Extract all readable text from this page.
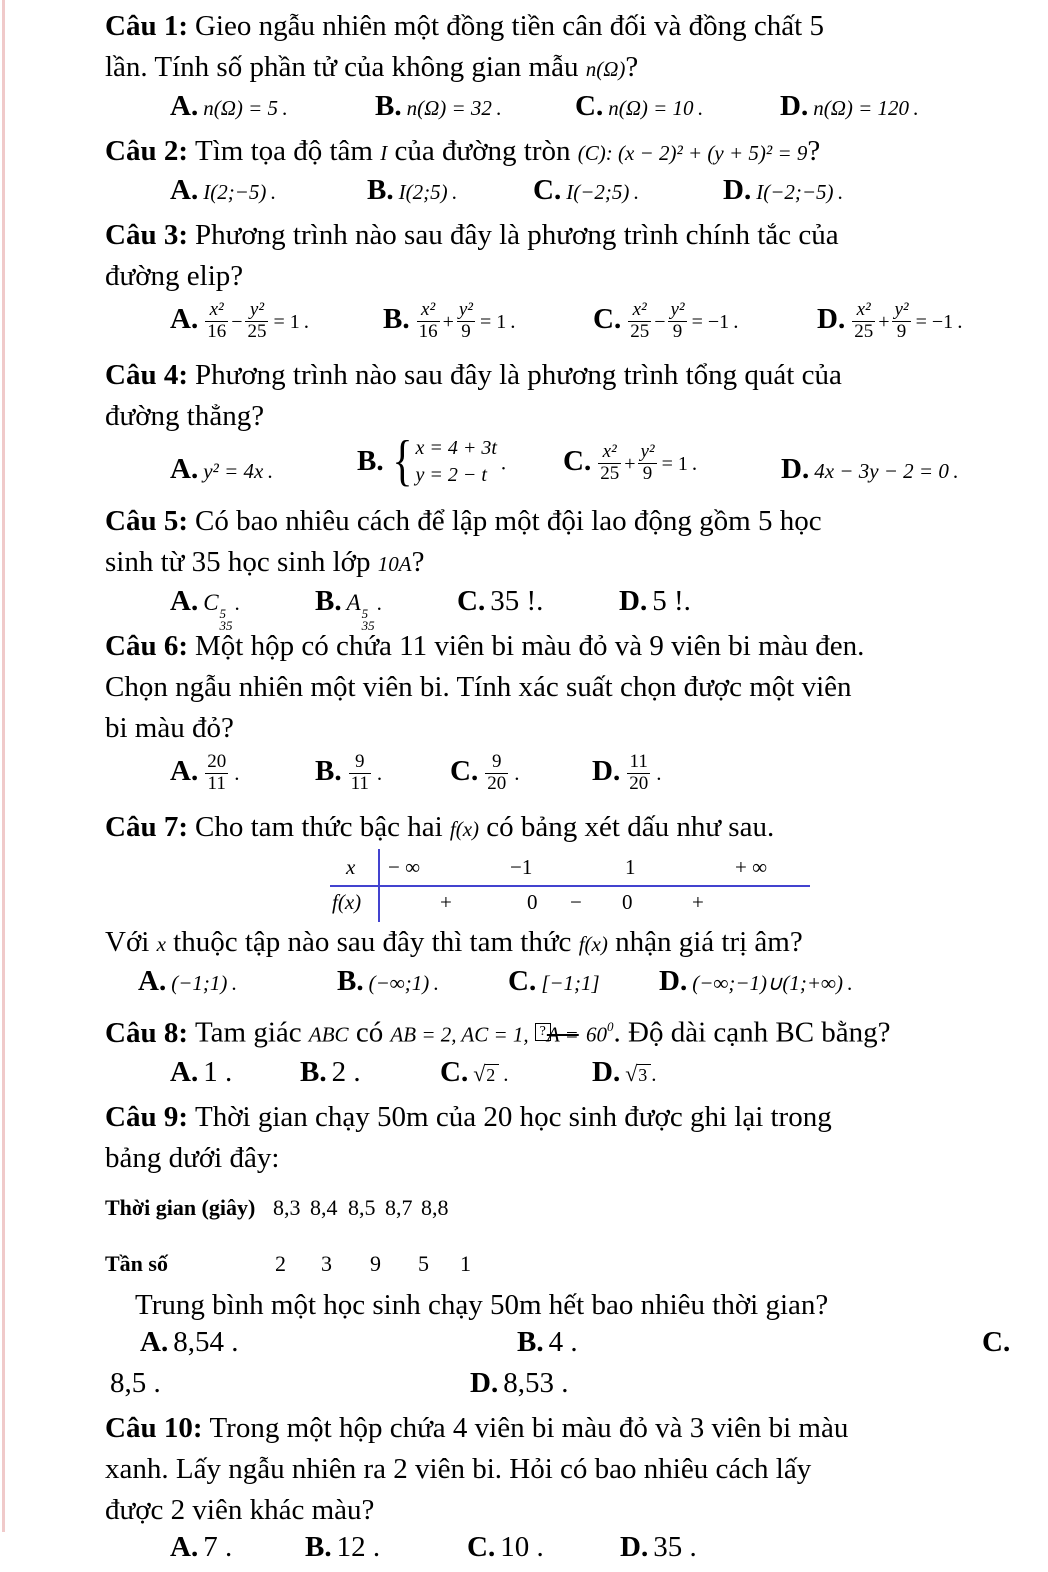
Câu 1: Gieo ngẫu nhiên một đồng tiền cân đối và đồng chất 5
lần. Tính số phần tử của không gian mẫu n(Ω)?
A. n(Ω) = 5 .	B. n(Ω) = 32 .	C. n(Ω) = 10 .	D. n(Ω) = 120 .
Câu 2: Tìm tọa độ tâm I của đường tròn (C): (x − 2)² + (y + 5)² = 9?
A. I(2;−5) .	B. I(2;5) .	C. I(−2;5) .	D. I(−2;−5) .
Câu 3: Phương trình nào sau đây là phương trình chính tắc của
đường elip?
A. $\frac{\text{x²}}{16} - \frac{\text{y²}}{25} = 1$ .	B. $\frac{\text{x²}}{16} + \frac{\text{y²}}{9} = 1$ .	C. $\frac{\text{x²}}{25} - \frac{\text{y²}}{9} = -1$ .	D. $\frac{\text{x²}}{25} + \frac{\text{y²}}{9} = -1$ .
Câu 4: Phương trình nào sau đây là phương trình tổng quát của
đường thẳng?
A. y² = 4x .	B. { x = 4 + 3t
y = 2 − t
. C. $\frac{\text{x²}}{25} + \frac{\text{y²}}{9} = 1$ .	D. 4x − 3y − 2 = 0 .
Câu 5: Có bao nhiêu cách để lập một đội lao động gồm 5 học
sinh từ 35 học sinh lớp 10A?
A. C 5
35
.	B. A 5
35
.	C. 35 !.	D. 5 !.
Câu 6: Một hộp có chứa 11 viên bi màu đỏ và 9 viên bi màu đen.
Chọn ngẫu nhiên một viên bi. Tính xác suất chọn được một viên
bi màu đỏ?
A. $\frac{20}{11}$ .	B. $\frac{9}{11}$ . C. $\frac{9}{20}$ .	D. $\frac{11}{20}$ .
Câu 7: Cho tam thức bậc hai f(x) có bảng xét dấu như sau.
x − ∞	−1	1	+ ∞
f(x)	+	0 − 0	+
Với x thuộc tập nào sau đây thì tam thức f(x) nhận giá trị âm?
A. (−1;1) .	B. (−∞;1) . C. [−1;1] D. (−∞;−1)∪(1;+∞) .
Câu 8: Tam giác ABC có AB = 2, AC = 1, ?A = $60^0$. Độ dài cạnh BC bằng?
A. 1 . B. 2 .	C. √2 .	D. √3 .
Câu 9: Thời gian chạy 50m của 20 học sinh được ghi lại trong
bảng dưới đây:
Thời gian (giây) 8,3 8,4 8,5 8,7 8,8
Tần số	2 3 9 5 1
Trung bình một học sinh chạy 50m hết bao nhiêu thời gian?
A. 8,54 .	B. 4 .	C.
8,5 .	D. 8,53 .
Câu 10: Trong một hộp chứa 4 viên bi màu đỏ và 3 viên bi màu
xanh. Lấy ngẫu nhiên ra 2 viên bi. Hỏi có bao nhiêu cách lấy
được 2 viên khác màu?
A. 7 .	B. 12 .	C. 10 .	D. 35 .
